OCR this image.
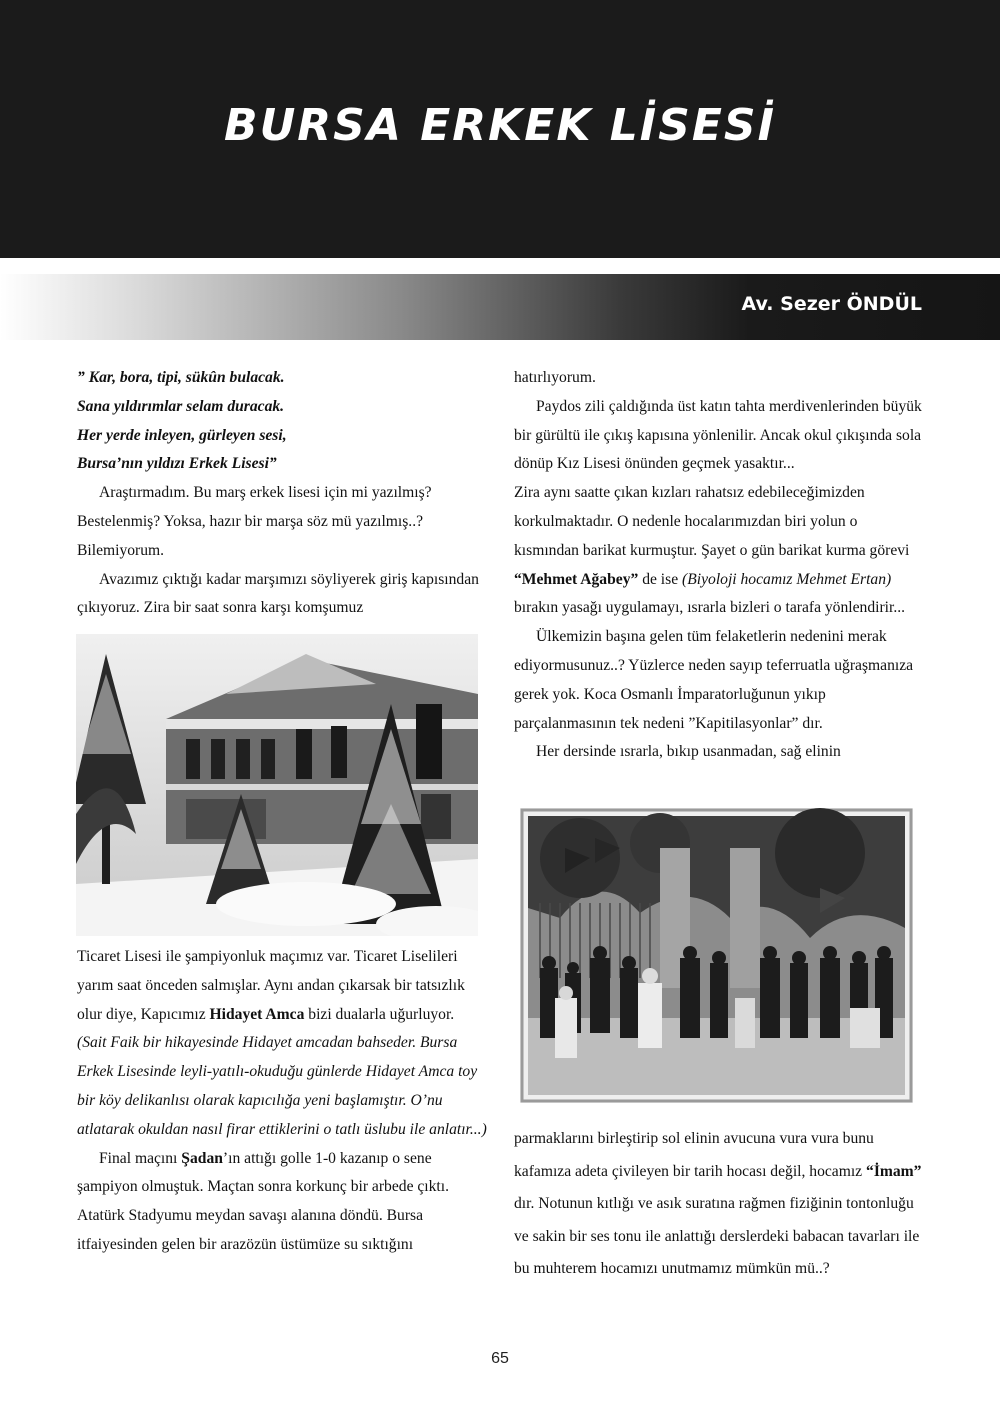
BURSA ERKEK LİSESİ
Av. Sezer ÖNDÜL

” Kar, bora, tipi, sükûn bulacak.

Sana yıldırımlar selam duracak.

Her yerde inleyen, gürleyen sesi,

Bursa’nın yıldızı Erkek Lisesi”

Araştırmadım. Bu marş erkek lisesi için mi yazılmış? Bestelenmiş? Yoksa, hazır bir marşa söz mü yazılmış..? Bilemiyorum.

Avazımız çıktığı kadar marşımızı söyliyerek giriş kapısından çıkıyoruz. Zira bir saat sonra karşı komşumuz

Ticaret Lisesi ile şampiyonluk maçımız var. Ticaret Liselileri yarım saat önceden salmışlar. Aynı andan çıkarsak bir tatsızlık olur diye, Kapıcımız Hidayet Amca bizi dualarla uğurluyor. (Sait Faik bir hikayesinde Hidayet amcadan bahseder. Bursa Erkek Lisesinde leyli-yatılı-okuduğu günlerde Hidayet Amca toy bir köy delikanlısı olarak kapıcılığa yeni başlamıştır. O’nu atlatarak okuldan nasıl firar ettiklerini o tatlı üslubu ile anlatır...)

Final maçını Şadan’ın attığı golle 1-0 kazanıp o sene şampiyon olmuştuk. Maçtan sonra korkunç bir arbede çıktı. Atatürk Stadyumu meydan savaşı alanına döndü. Bursa itfaiyesinden gelen bir arazözün üstümüze su sıktığını

hatırlıyorum.

Paydos zili çaldığında üst katın tahta merdivenlerinden büyük bir gürültü ile çıkış kapısına yönlenilir. Ancak okul çıkışında sola dönüp Kız Lisesi önünden geçmek yasaktır...

Zira aynı saatte çıkan kızları rahatsız edebileceğimizden korkulmaktadır. O nedenle hocalarımızdan biri yolun o kısmından barikat kurmuştur. Şayet o gün barikat kurma görevi “Mehmet Ağabey” de ise (Biyoloji hocamız Mehmet Ertan) bırakın yasağı uygulamayı, ısrarla bizleri o tarafa yönlendirir...

Ülkemizin başına gelen tüm felaketlerin nedenini merak ediyormusunuz..? Yüzlerce neden sayıp teferruatla uğraşmanıza gerek yok. Koca Osmanlı İmparatorluğunun yıkıp parçalanmasının tek nedeni ”Kapitilasyonlar” dır.

Her dersinde ısrarla, bıkıp usanmadan, sağ elinin

parmaklarını birleştirip sol elinin avucuna vura vura bunu kafamıza adeta çivileyen bir tarih hocası değil, hocamız “İmam” dır. Notunun kıtlığı ve asık suratına rağmen fiziğinin tontonluğu ve sakin bir ses tonu ile anlattığı derslerdeki babacan tavarları ile bu muhterem hocamızı unutmamız mümkün mü..?

65
